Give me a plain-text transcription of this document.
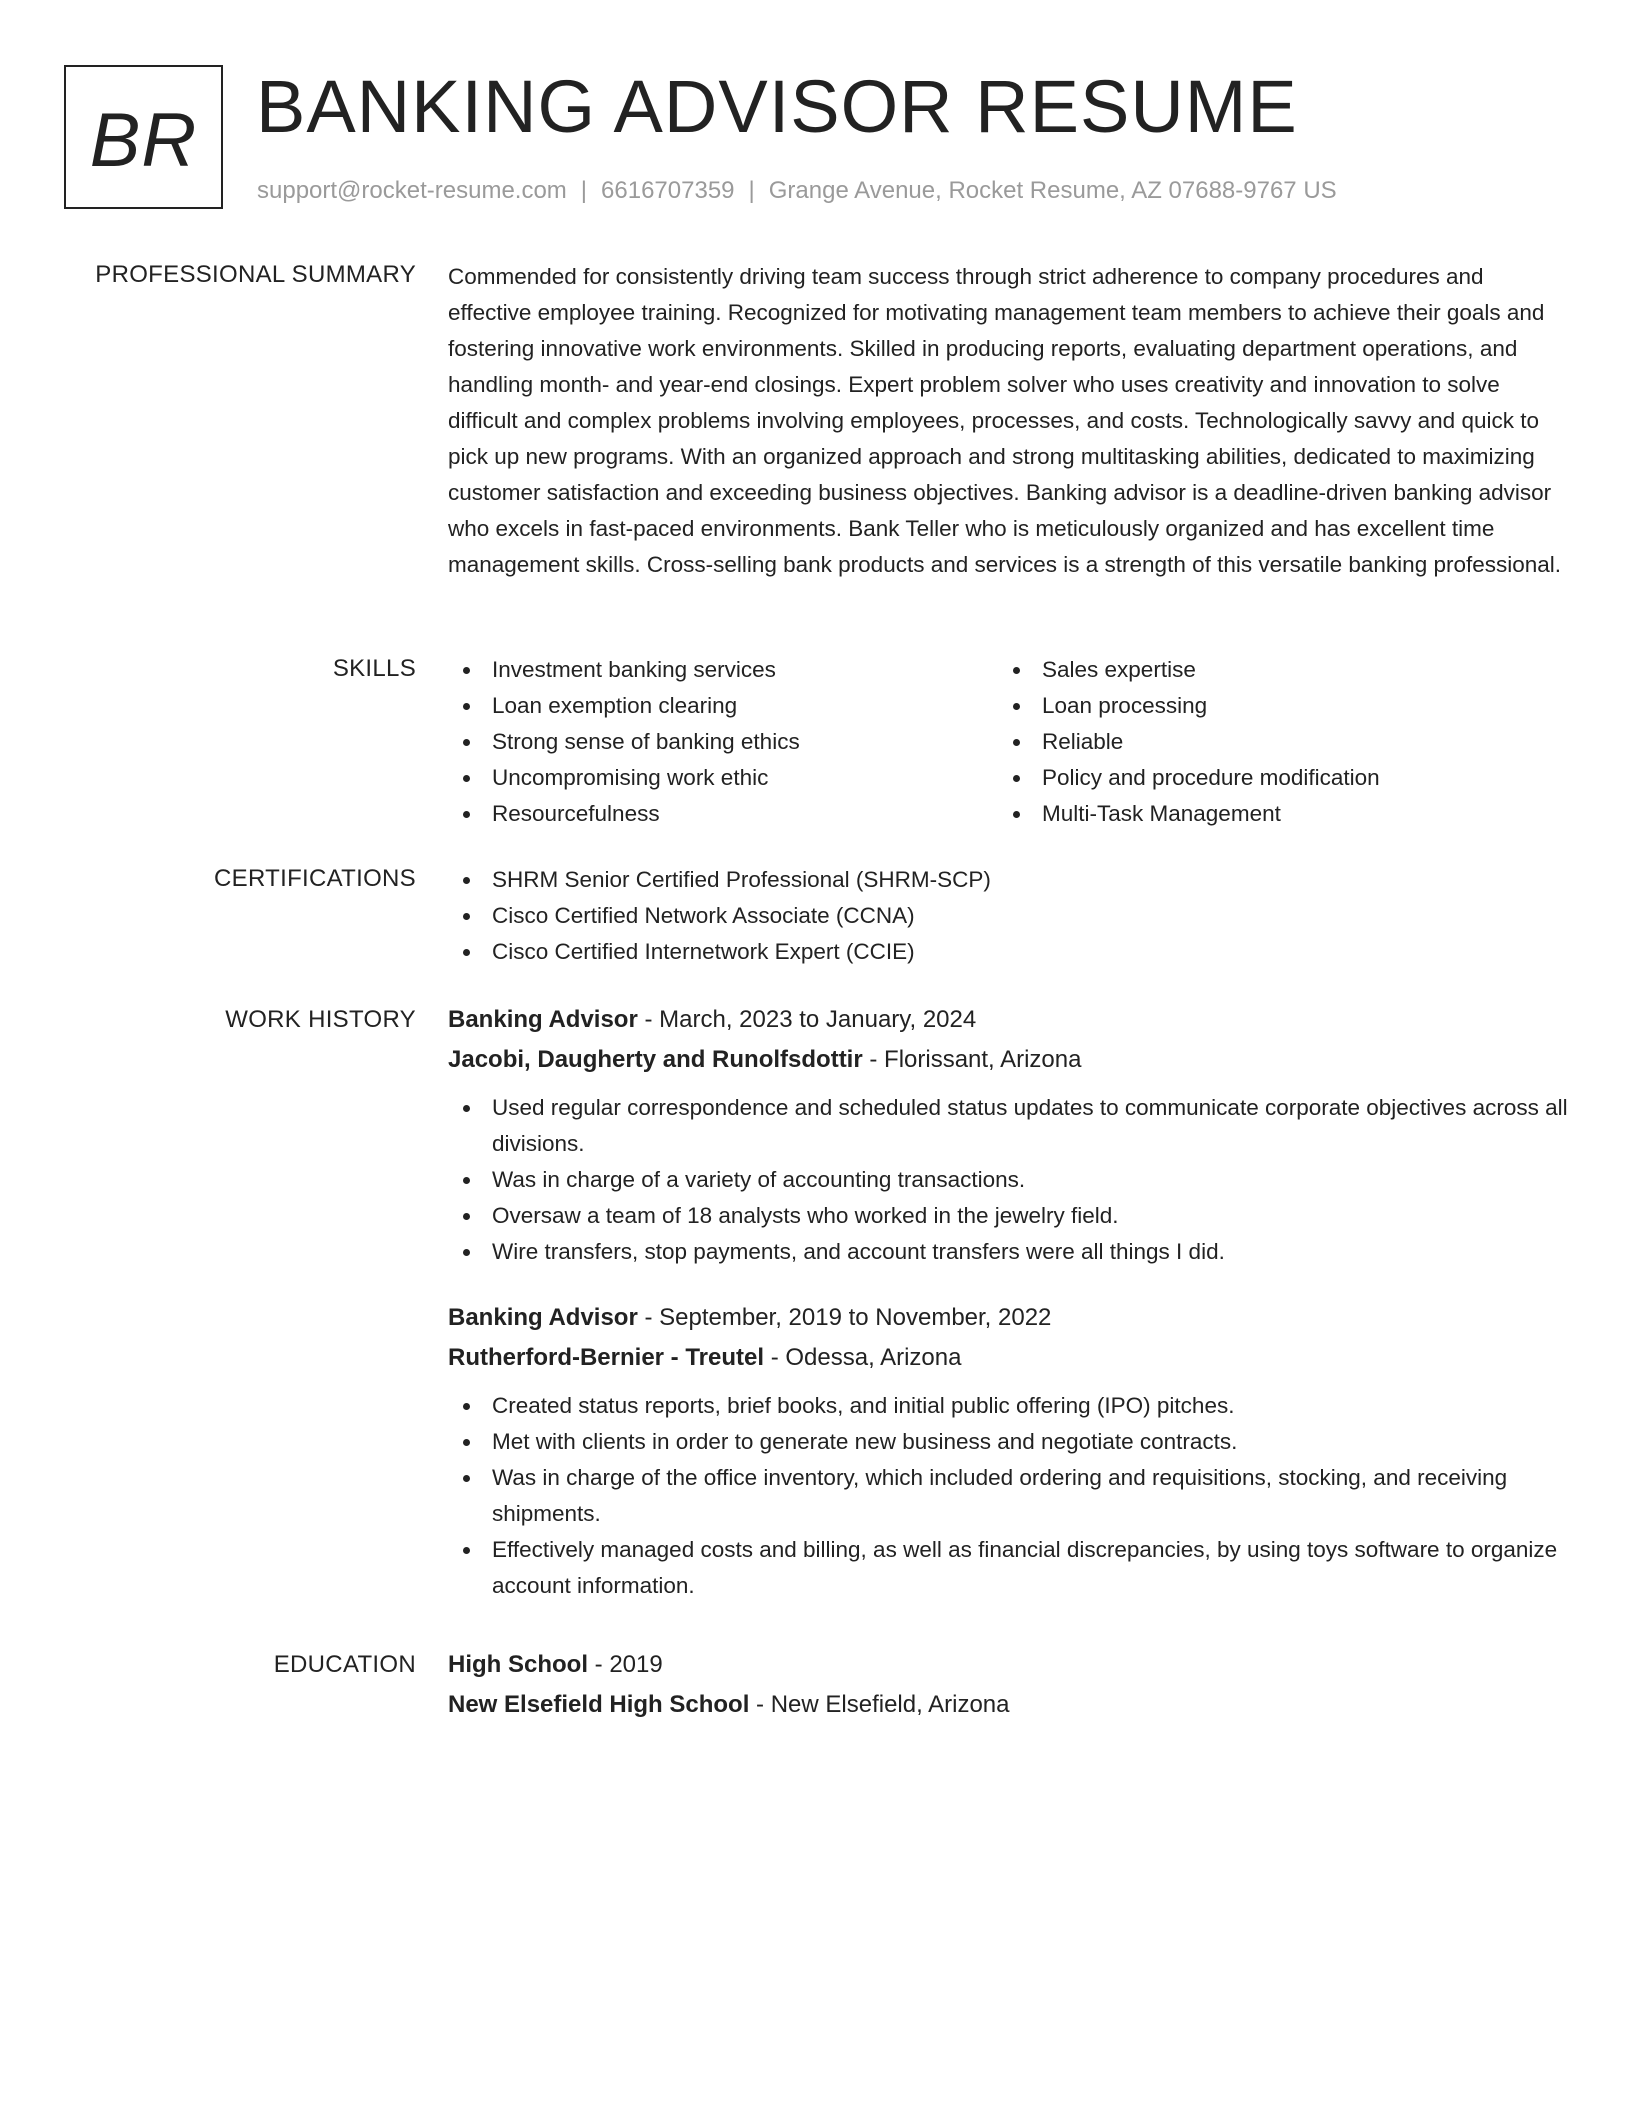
BR BANKING ADVISOR RESUME
support@rocket-resume.com | 6616707359 | Grange Avenue, Rocket Resume, AZ 07688-9767 US
PROFESSIONAL SUMMARY Commended for consistently driving team success through strict adherence to company procedures and effective employee training. Recognized for motivating management team members to achieve their goals and fostering innovative work environments. Skilled in producing reports, evaluating department operations, and handling month- and year-end closings. Expert problem solver who uses creativity and innovation to solve difficult and complex problems involving employees, processes, and costs. Technologically savvy and quick to pick up new programs. With an organized approach and strong multitasking abilities, dedicated to maximizing customer satisfaction and exceeding business objectives. Banking advisor is a deadline-driven banking advisor who excels in fast-paced environments. Bank Teller who is meticulously organized and has excellent time management skills. Cross-selling bank products and services is a strength of this versatile banking professional.
SKILLS	Investment banking services
Loan exemption clearing
Strong sense of banking ethics
Uncompromising work ethic
Resourcefulness
Sales expertise
Loan processing
Reliable
Policy and procedure modification
Multi-Task Management
CERTIFICATIONS	SHRM Senior Certified Professional (SHRM-SCP)
Cisco Certified Network Associate (CCNA)
Cisco Certified Internetwork Expert (CCIE)
WORK HISTORY Banking Advisor - March, 2023 to January, 2024
Jacobi, Daugherty and Runolfsdottir - Florissant, Arizona
Used regular correspondence and scheduled status updates to communicate corporate objectives across all divisions.
Was in charge of a variety of accounting transactions.
Oversaw a team of 18 analysts who worked in the jewelry field.
Wire transfers, stop payments, and account transfers were all things I did.
Banking Advisor - September, 2019 to November, 2022
Rutherford-Bernier - Treutel - Odessa, Arizona
Created status reports, brief books, and initial public offering (IPO) pitches.
Met with clients in order to generate new business and negotiate contracts.
Was in charge of the office inventory, which included ordering and requisitions, stocking, and receiving shipments.
Effectively managed costs and billing, as well as financial discrepancies, by using toys software to organize account information.
EDUCATION High School - 2019
New Elsefield High School - New Elsefield, Arizona
